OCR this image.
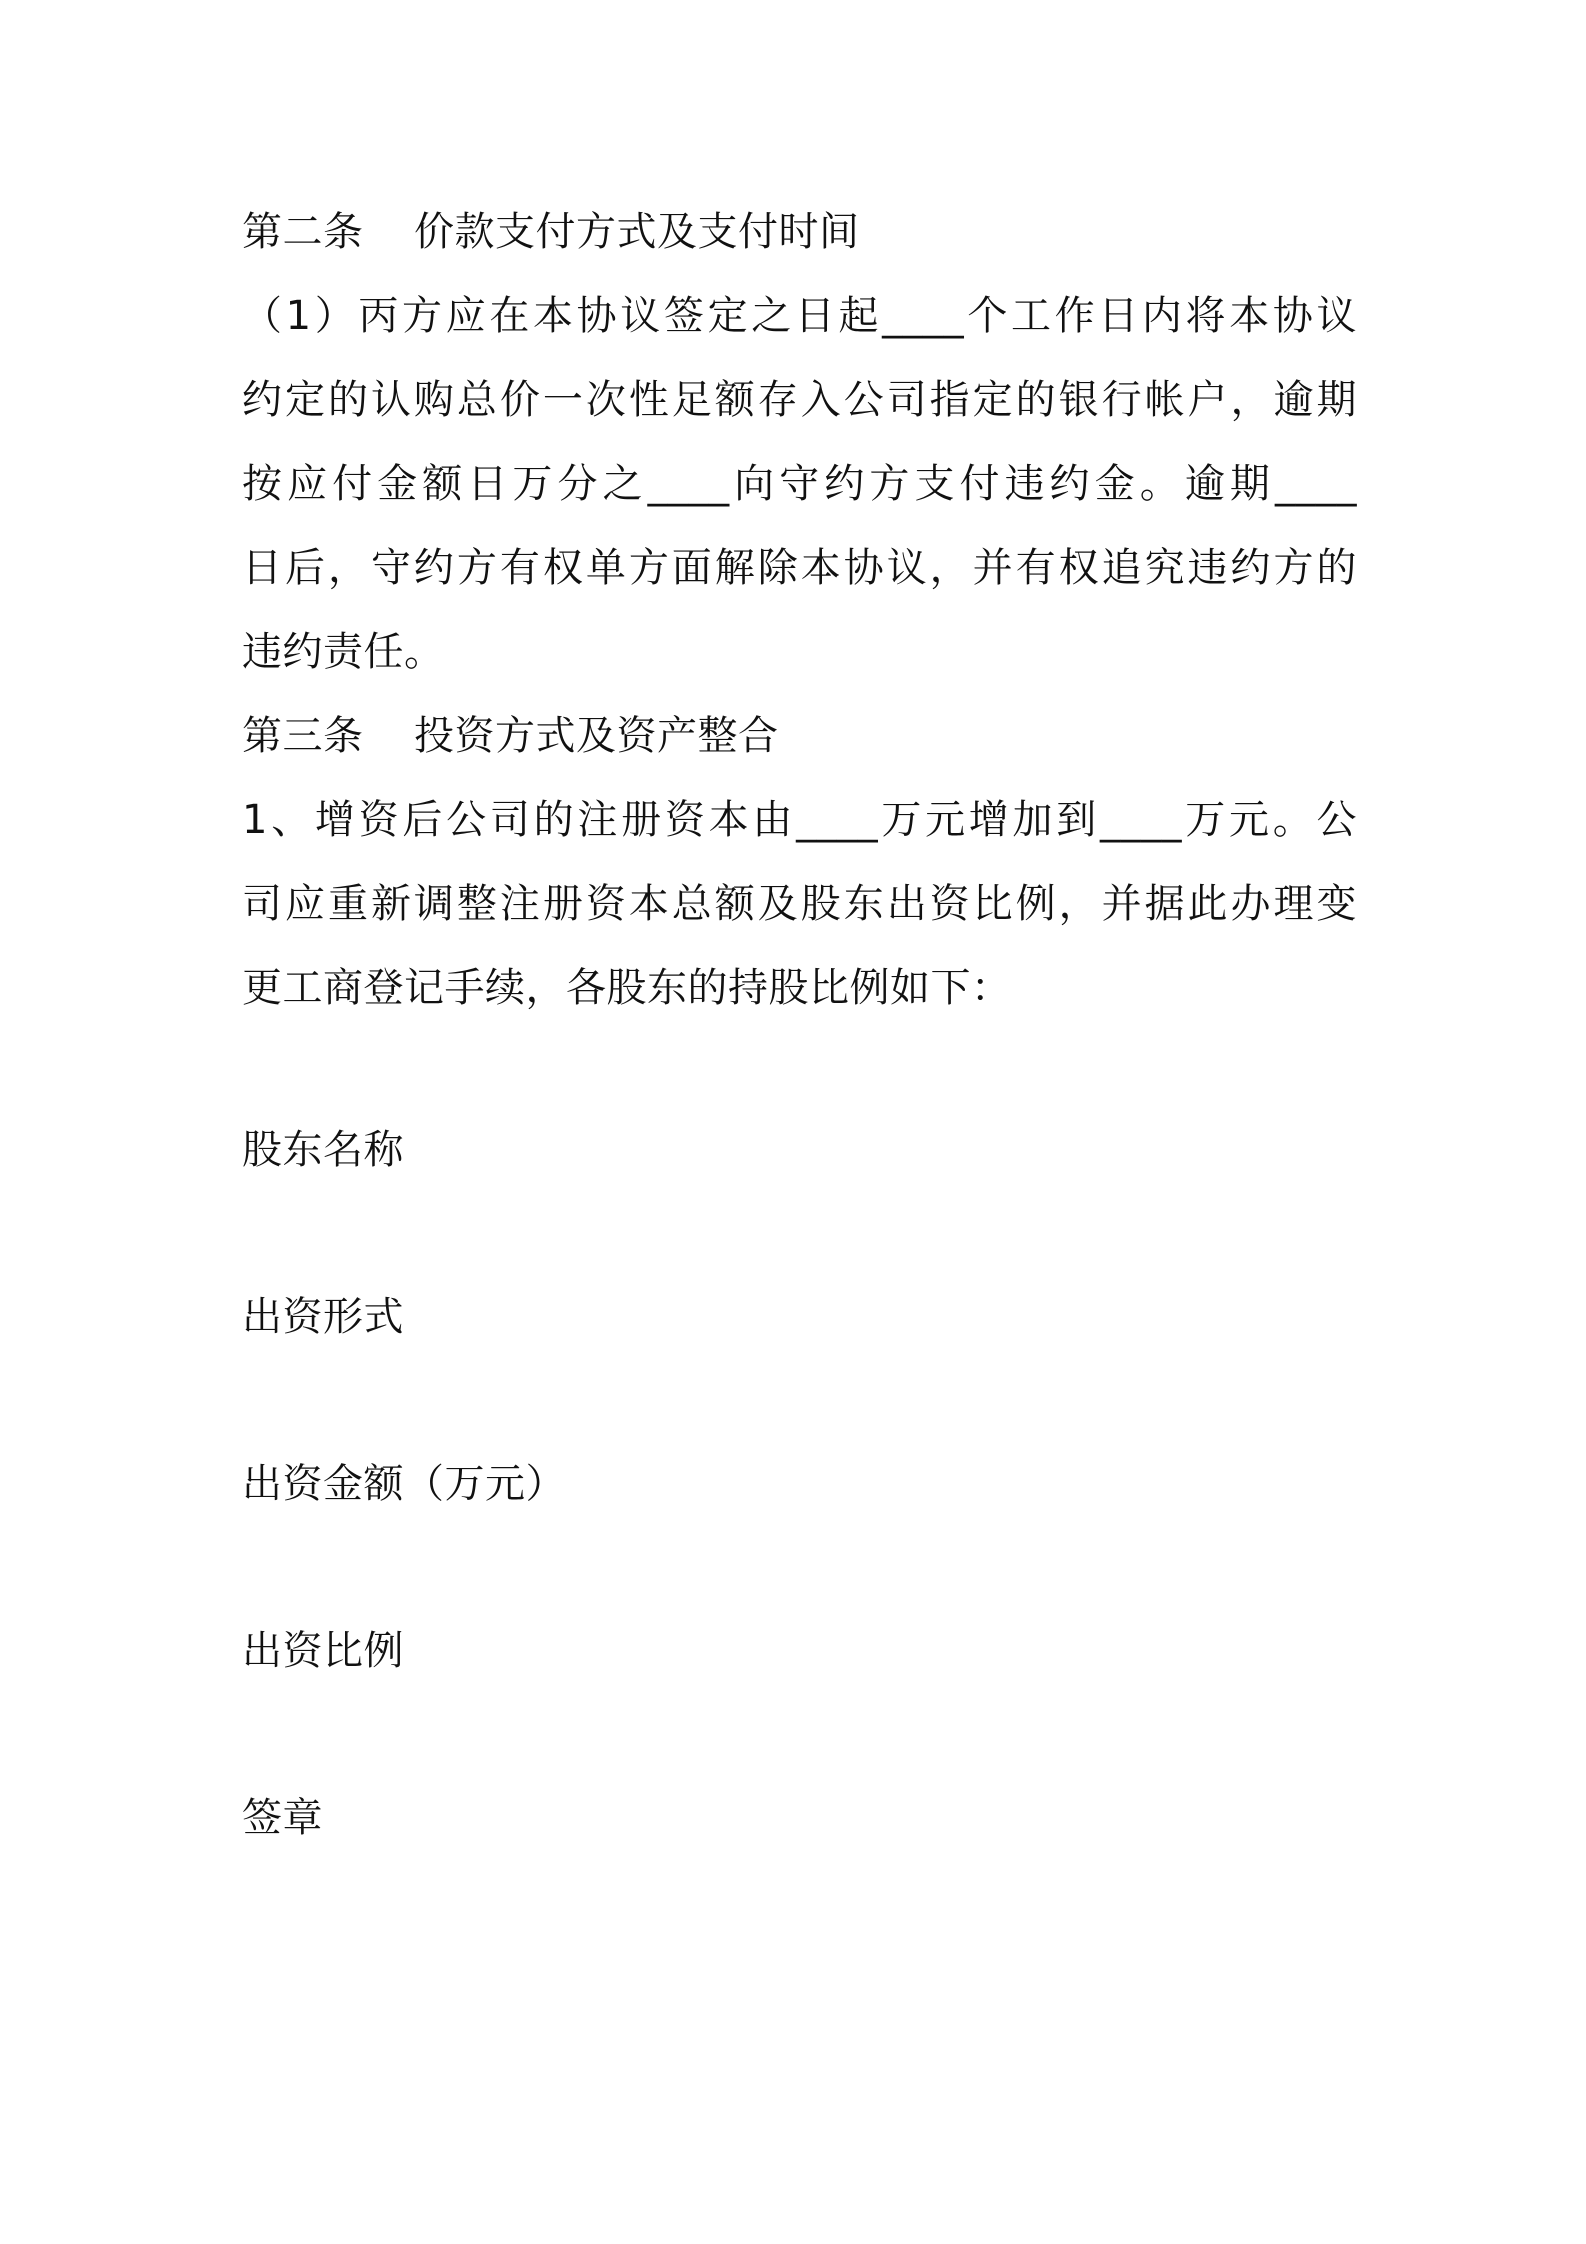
第二条 价款支付方式及支付时间
（1）丙方应在本协议签定之日起____个工作日内将本协议
约定的认购总价一次性足额存入公司指定的银行帐户，逾期
按应付金额日万分之____向守约方支付违约金。逾期____
日后，守约方有权单方面解除本协议，并有权追究违约方的
违约责任。
第三条 投资方式及资产整合
1、增资后公司的注册资本由____万元增加到____万元。公
司应重新调整注册资本总额及股东出资比例，并据此办理变
更工商登记手续，各股东的持股比例如下：
股东名称
出资形式
出资金额（万元）
出资比例
签章
